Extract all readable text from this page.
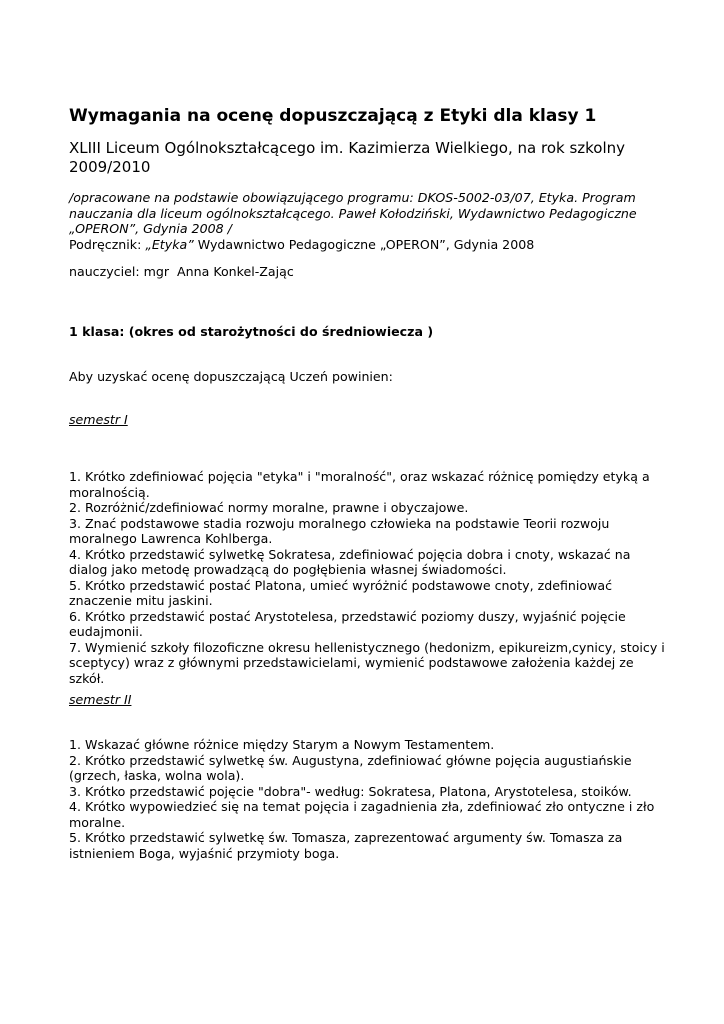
Wymagania na ocenę dopuszczającą z Etyki dla klasy 1

XLIII Liceum Ogólnokształcącego im. Kazimierza Wielkiego, na rok szkolny 2009/2010

/opracowane na podstawie obowiązującego programu: DKOS-5002-03/07, Etyka. Program nauczania dla liceum ogólnokształcącego. Paweł Kołodziński, Wydawnictwo Pedagogiczne „OPERON”, Gdynia 2008 /
Podręcznik: „Etyka” Wydawnictwo Pedagogiczne „OPERON”, Gdynia 2008

nauczyciel: mgr  Anna Konkel-Zając

1 klasa: (okres od starożytności do średniowiecza )

Aby uzyskać ocenę dopuszczającą Uczeń powinien:

semestr I

1. Krótko zdefiniować pojęcia "etyka" i "moralność", oraz wskazać różnicę pomiędzy etyką a moralnością.
2. Rozróżnić/zdefiniować normy moralne, prawne i obyczajowe.
3. Znać podstawowe stadia rozwoju moralnego człowieka na podstawie Teorii rozwoju moralnego Lawrenca Kohlberga.
4. Krótko przedstawić sylwetkę Sokratesa, zdefiniować pojęcia dobra i cnoty, wskazać na dialog jako metodę prowadzącą do pogłębienia własnej świadomości.
5. Krótko przedstawić postać Platona, umieć wyróżnić podstawowe cnoty, zdefiniować znaczenie mitu jaskini.
6. Krótko przedstawić postać Arystotelesa, przedstawić poziomy duszy, wyjaśnić pojęcie eudajmonii.
7. Wymienić szkoły filozoficzne okresu hellenistycznego (hedonizm, epikureizm,cynicy, stoicy i sceptycy) wraz z głównymi przedstawicielami, wymienić podstawowe założenia każdej ze szkół.

semestr II

1. Wskazać główne różnice między Starym a Nowym Testamentem.
2. Krótko przedstawić sylwetkę św. Augustyna, zdefiniować główne pojęcia augustiańskie (grzech, łaska, wolna wola).
3. Krótko przedstawić pojęcie "dobra"- według: Sokratesa, Platona, Arystotelesa, stoików.
4. Krótko wypowiedzieć się na temat pojęcia i zagadnienia zła, zdefiniować zło ontyczne i zło moralne.
5. Krótko przedstawić sylwetkę św. Tomasza, zaprezentować argumenty św. Tomasza za istnieniem Boga, wyjaśnić przymioty boga.
